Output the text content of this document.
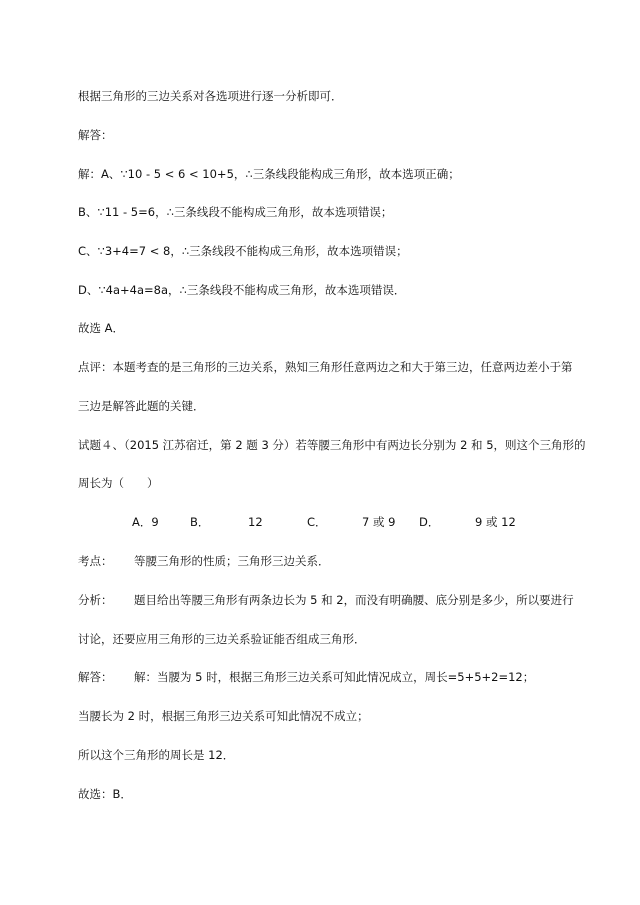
根据三角形的三边关系对各选项进行逐一分析即可．
解答：
解：A、∵10 - 5 < 6 < 10+5，∴三条线段能构成三角形，故本选项正确；
B、∵11 - 5=6，∴三条线段不能构成三角形，故本选项错误；
C、∵3+4=7 < 8，∴三条线段不能构成三角形，故本选项错误；
D、∵4a+4a=8a，∴三条线段不能构成三角形，故本选项错误．
故选 A．
点评：本题考查的是三角形的三边关系，熟知三角形任意两边之和大于第三边，任意两边差小于第
三边是解答此题的关键．
试题４、（2015 江苏宿迁，第 2 题 3 分）若等腰三角形中有两边长分别为 2 和 5，则这个三角形的
周长为（　　）
A．9	B．	12	C．	7 或 9 D．	9 或 12
考点： 等腰三角形的性质；三角形三边关系．
分析： 题目给出等腰三角形有两条边长为 5 和 2，而没有明确腰、底分别是多少，所以要进行
讨论，还要应用三角形的三边关系验证能否组成三角形．
解答： 解：当腰为 5 时，根据三角形三边关系可知此情况成立，周长=5+5+2=12；
当腰长为 2 时，根据三角形三边关系可知此情况不成立；
所以这个三角形的周长是 12．
故选：B．
